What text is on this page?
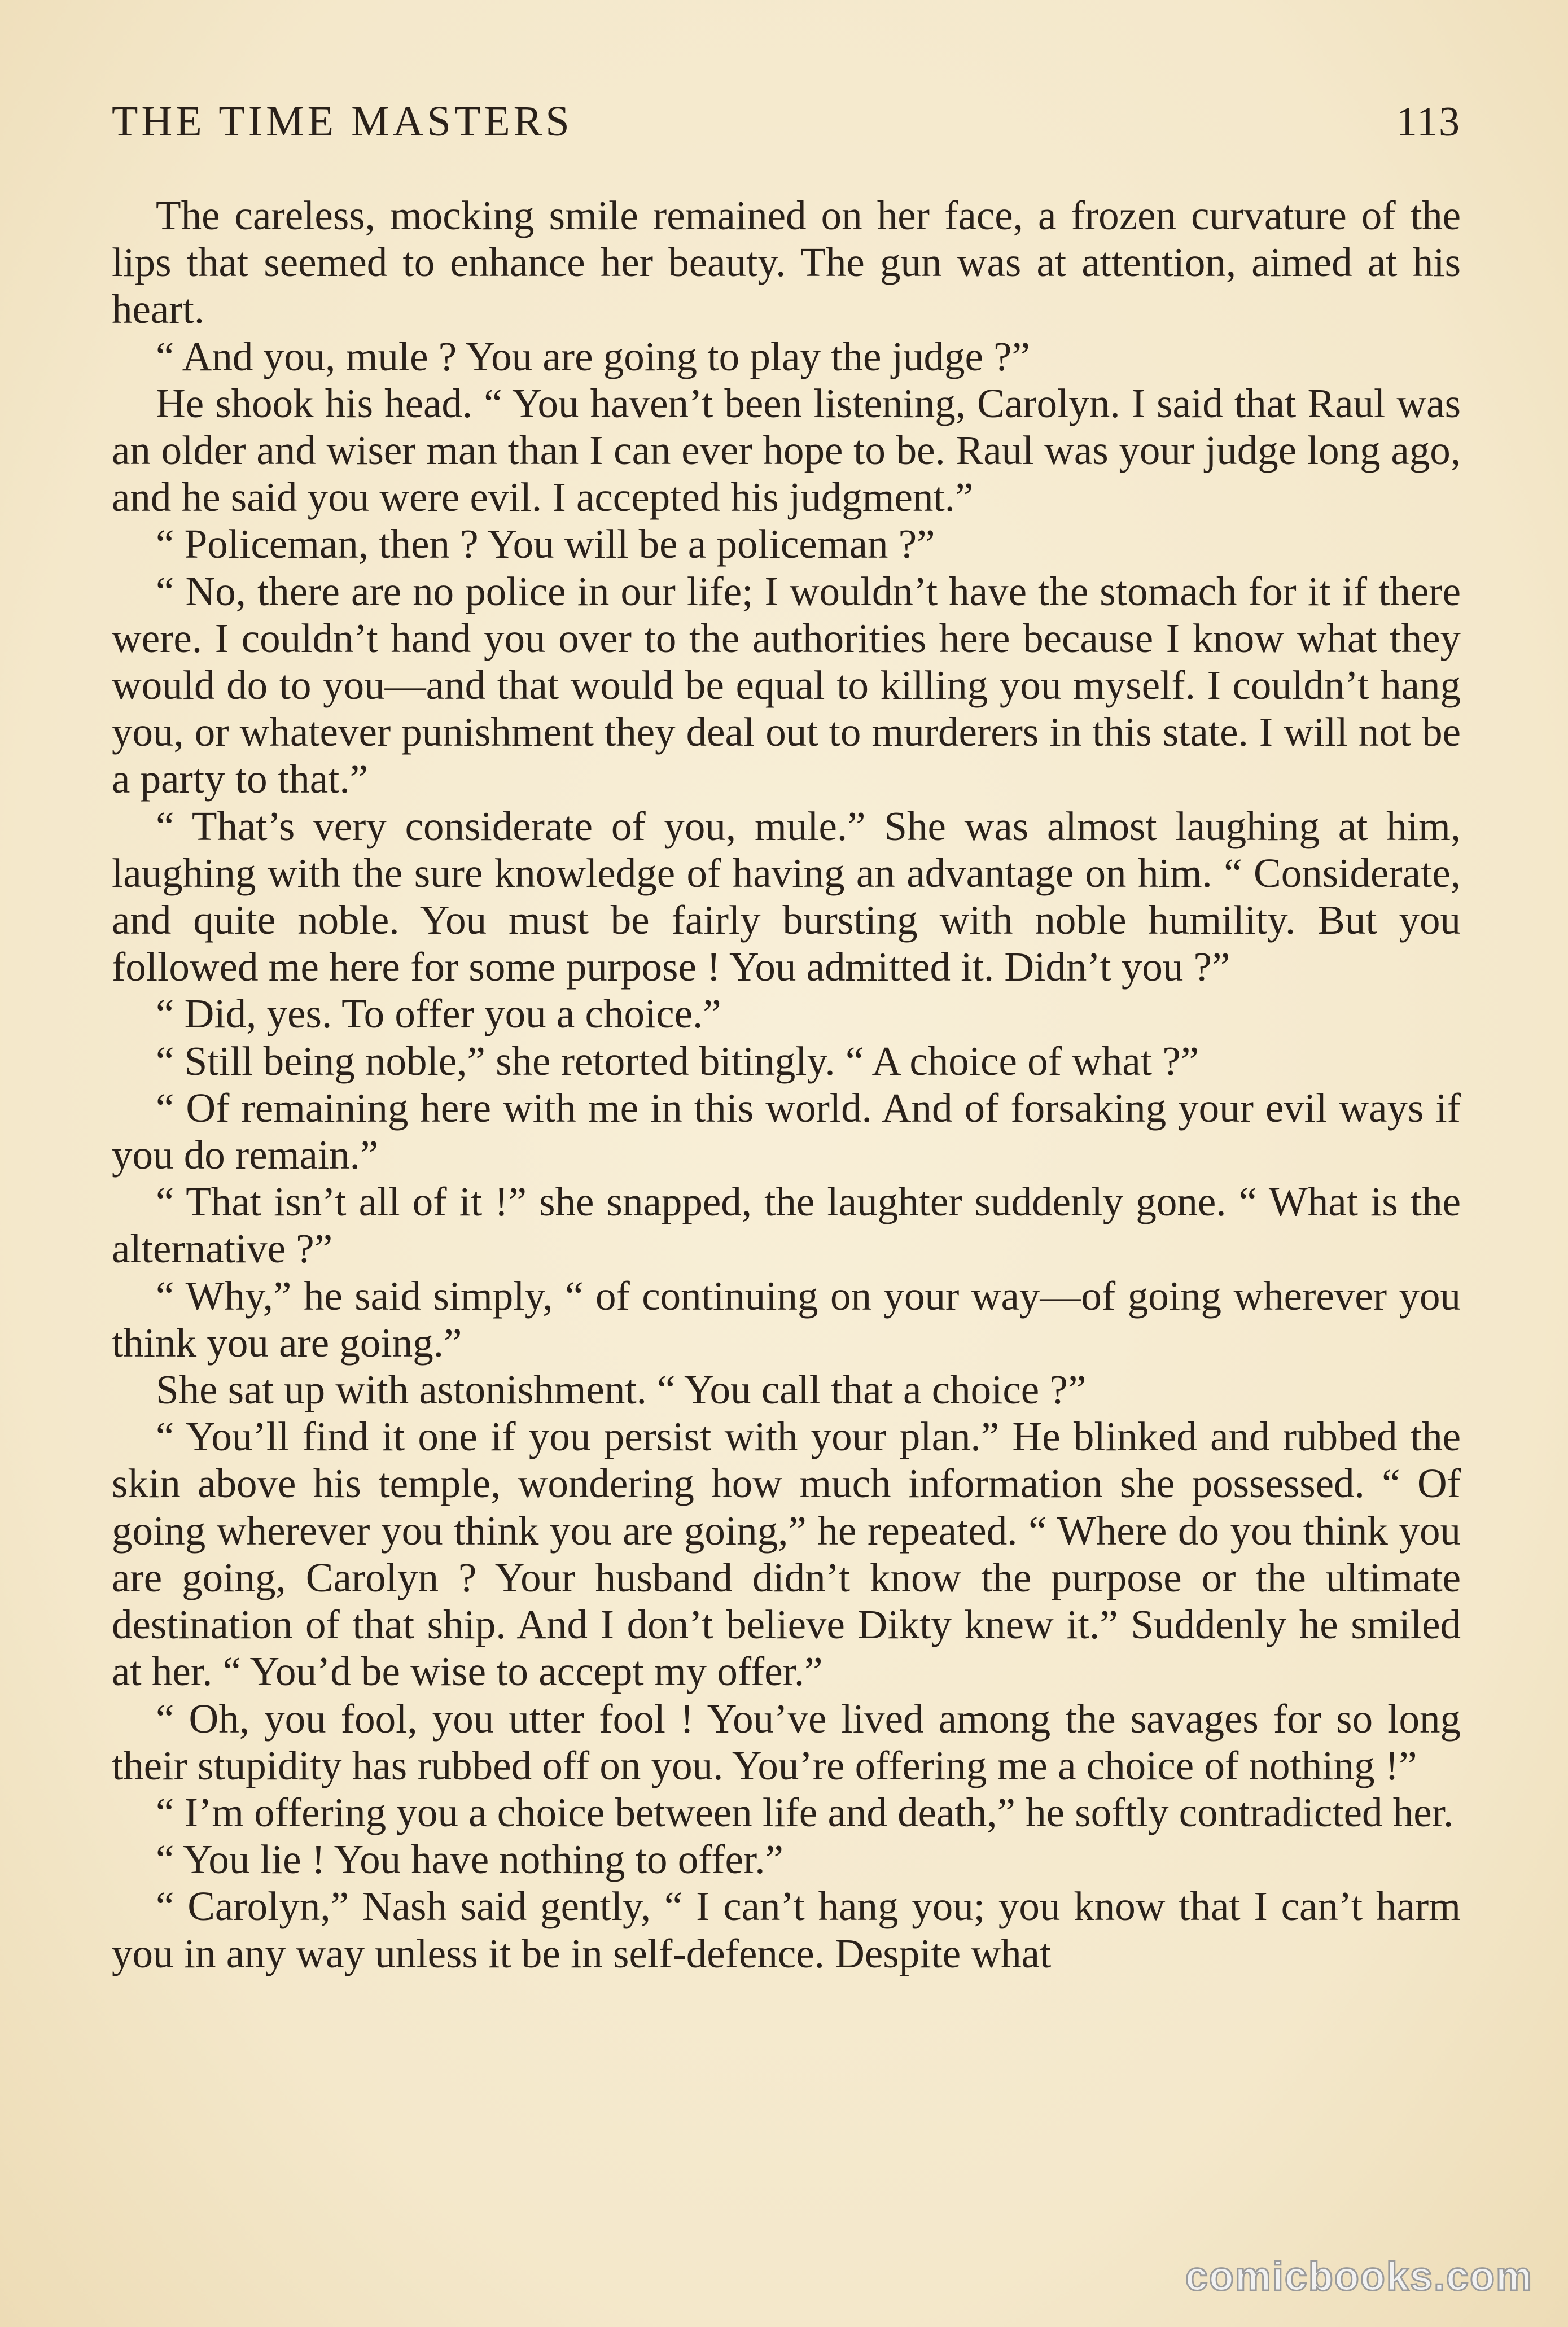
THE TIME MASTERS	113

The careless, mocking smile remained on her face, a frozen curvature of the lips that seemed to enhance her beauty. The gun was at attention, aimed at his heart.

“ And you, mule ? You are going to play the judge ?”

He shook his head. “ You haven’t been listening, Carolyn. I said that Raul was an older and wiser man than I can ever hope to be. Raul was your judge long ago, and he said you were evil. I accepted his judgment.”

“ Policeman, then ? You will be a policeman ?”

“ No, there are no police in our life; I wouldn’t have the stomach for it if there were. I couldn’t hand you over to the authorities here because I know what they would do to you—and that would be equal to killing you myself. I couldn’t hang you, or whatever punishment they deal out to murderers in this state. I will not be a party to that.”

“ That’s very considerate of you, mule.” She was almost laughing at him, laughing with the sure knowledge of having an advantage on him. “ Considerate, and quite noble. You must be fairly bursting with noble humility. But you followed me here for some purpose ! You admitted it. Didn’t you ?”

“ Did, yes. To offer you a choice.”

“ Still being noble,” she retorted bitingly. “ A choice of what ?”

“ Of remaining here with me in this world. And of forsaking your evil ways if you do remain.”

“ That isn’t all of it !” she snapped, the laughter suddenly gone. “ What is the alternative ?”

“ Why,” he said simply, “ of continuing on your way—of going wherever you think you are going.”

She sat up with astonishment. “ You call that a choice ?”

“ You’ll find it one if you persist with your plan.” He blinked and rubbed the skin above his temple, wondering how much information she possessed. “ Of going wherever you think you are going,” he repeated. “ Where do you think you are going, Carolyn ? Your husband didn’t know the purpose or the ultimate destination of that ship. And I don’t believe Dikty knew it.” Suddenly he smiled at her. “ You’d be wise to accept my offer.”

“ Oh, you fool, you utter fool ! You’ve lived among the savages for so long their stupidity has rubbed off on you. You’re offering me a choice of nothing !”

“ I’m offering you a choice between life and death,” he softly contradicted her.

“ You lie ! You have nothing to offer.”

“ Carolyn,” Nash said gently, “ I can’t hang you; you know that I can’t harm you in any way unless it be in self-defence. Despite what

comicbooks.com
